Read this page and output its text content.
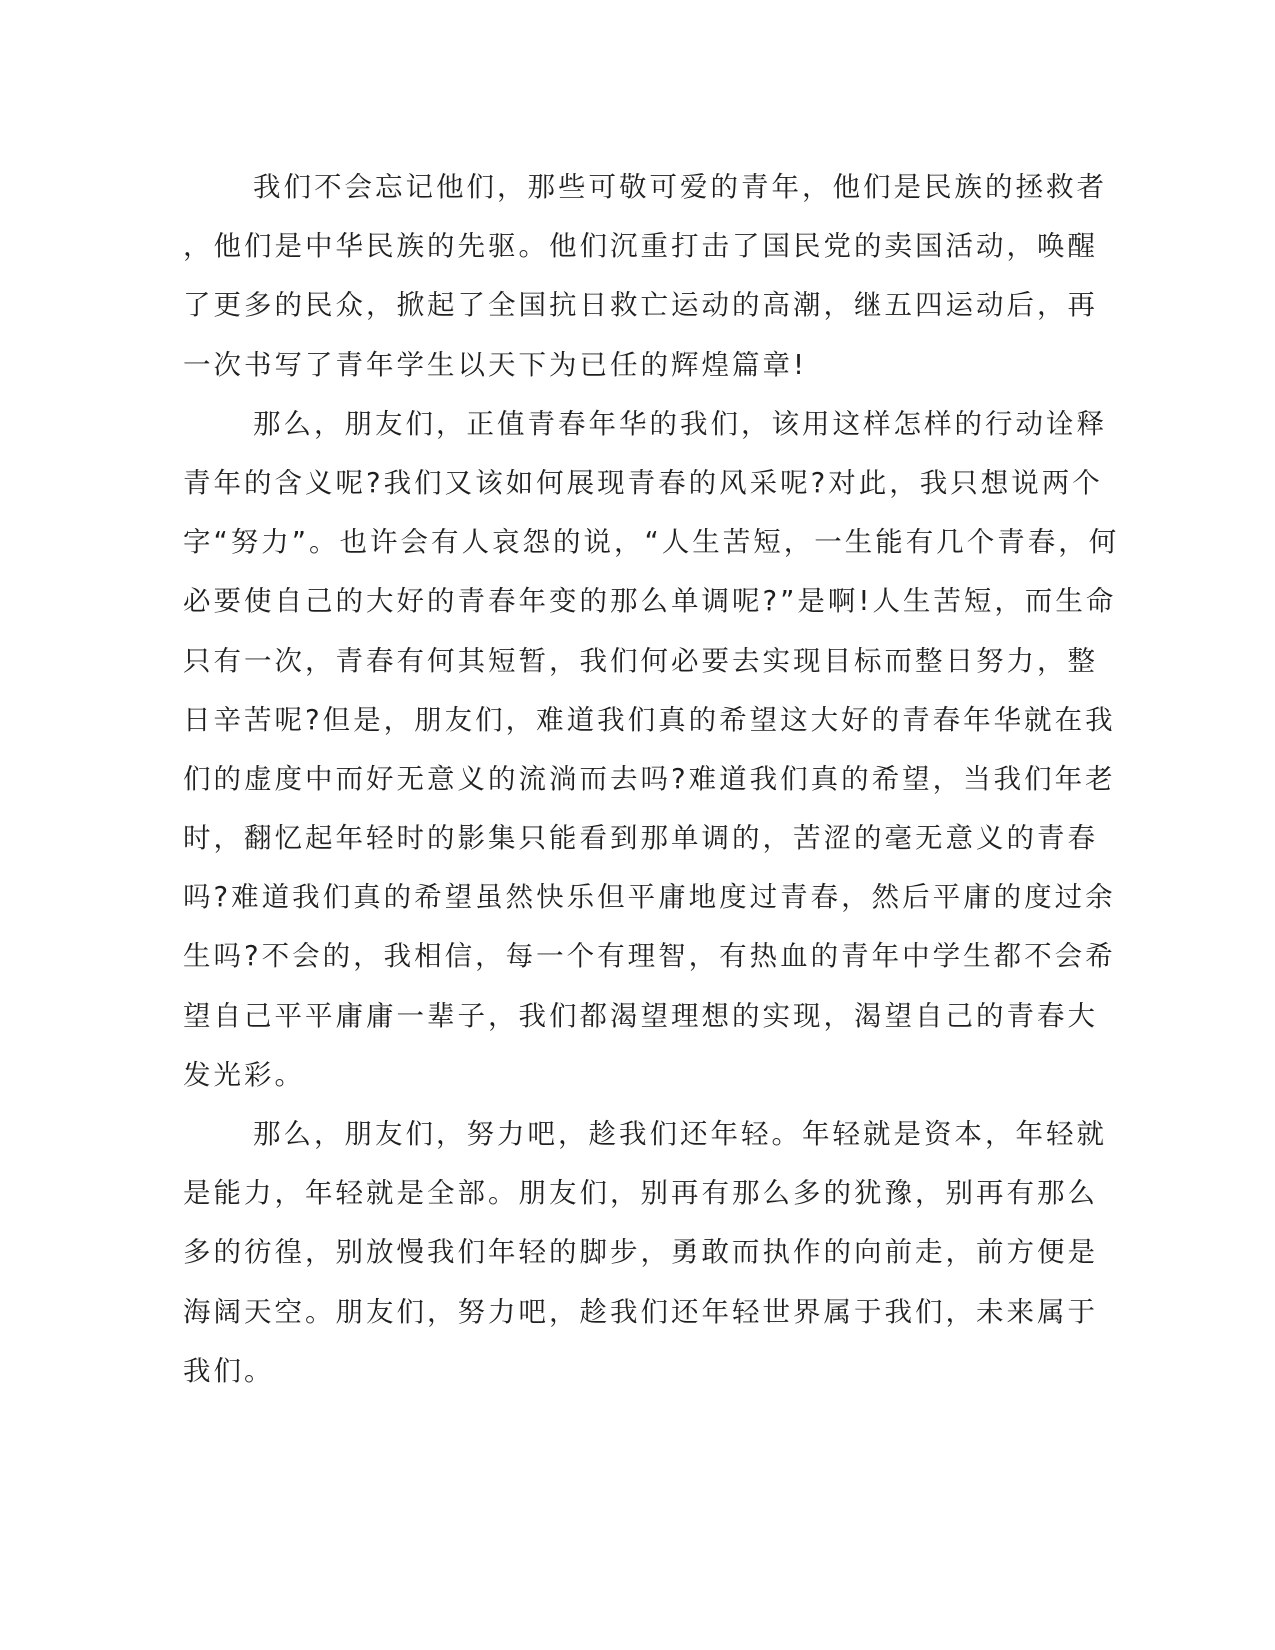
我们不会忘记他们，那些可敬可爱的青年，他们是民族的拯救者
，他们是中华民族的先驱。他们沉重打击了国民党的卖国活动，唤醒
了更多的民众，掀起了全国抗日救亡运动的高潮，继五四运动后，再
一次书写了青年学生以天下为已任的辉煌篇章!
那么，朋友们，正值青春年华的我们，该用这样怎样的行动诠释
青年的含义呢?我们又该如何展现青春的风采呢?对此，我只想说两个
字“努力”。也许会有人哀怨的说，“人生苦短，一生能有几个青春，何
必要使自己的大好的青春年变的那么单调呢?”是啊!人生苦短，而生命
只有一次，青春有何其短暂，我们何必要去实现目标而整日努力，整
日辛苦呢?但是，朋友们，难道我们真的希望这大好的青春年华就在我
们的虚度中而好无意义的流淌而去吗?难道我们真的希望，当我们年老
时，翻忆起年轻时的影集只能看到那单调的，苦涩的毫无意义的青春
吗?难道我们真的希望虽然快乐但平庸地度过青春，然后平庸的度过余
生吗?不会的，我相信，每一个有理智，有热血的青年中学生都不会希
望自己平平庸庸一辈子，我们都渴望理想的实现，渴望自己的青春大
发光彩。
那么，朋友们，努力吧，趁我们还年轻。年轻就是资本，年轻就
是能力，年轻就是全部。朋友们，别再有那么多的犹豫，别再有那么
多的彷徨，别放慢我们年轻的脚步，勇敢而执作的向前走，前方便是
海阔天空。朋友们，努力吧，趁我们还年轻世界属于我们，未来属于
我们。
